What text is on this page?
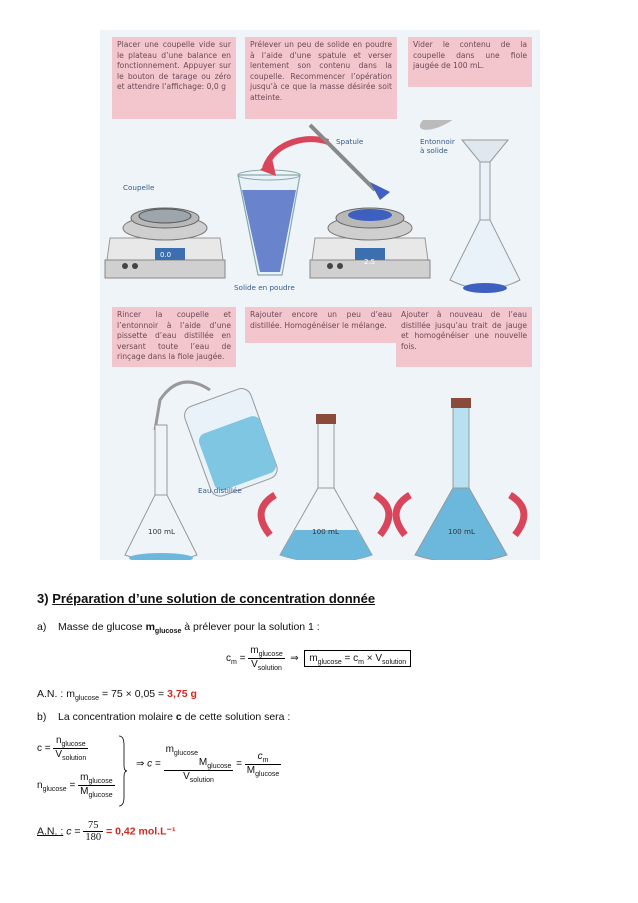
Placer une coupelle vide sur le plateau d’une balance en fonctionnement. Appuyer sur le bouton de tarage ou zéro et attendre l’affichage: 0,0 g
Prélever un peu de solide en poudre à l’aide d’une spatule et verser lentement son contenu dans la coupelle. Recommencer l’opération jusqu’à ce que la masse désirée soit atteinte.
Vider le contenu de la coupelle dans une fiole jaugée de 100 mL.
Rincer la coupelle et l’entonnoir à l’aide d’une pissette d’eau distillée en versant toute l’eau de rinçage dans la fiole jaugée.
Rajouter encore un peu d’eau distillée. Homogénéiser le mélange.
Ajouter à nouveau de l’eau distillée jusqu’au trait de jauge et homogénéiser une nouvelle fois.
Coupelle
Spatule	Entonnoir à solide
Solide en poudre
0.0
2.5
Eau distillée
100 mL	100 mL	100 mL
3) Préparation d’une solution de concentration donnée
a) Masse de glucose $m_{glucose}$ à prélever pour la solution 1 :
$c_m = \frac{m_{glucose}}{V_{solution}}$ ⇒  $m_{glucose} = c_m \times V_{solution}$
A.N. : $m_{glucose} = 75 \times 0,05 = 3,75$ g
b) La concentration molaire c de cette solution sera :
$c = \frac{n_{glucose}}{V_{solution}}$
$n_{glucose} = \frac{m_{glucose}}{M_{glucose}}$
⇒ c =
$m_{glucose}$
$M_{glucose}$
$V_{solution}$
= $\frac{c_m}{M_{glucose}}$
A.N. : $c = \frac{75}{180} = 0,42$ mol.L⁻¹
